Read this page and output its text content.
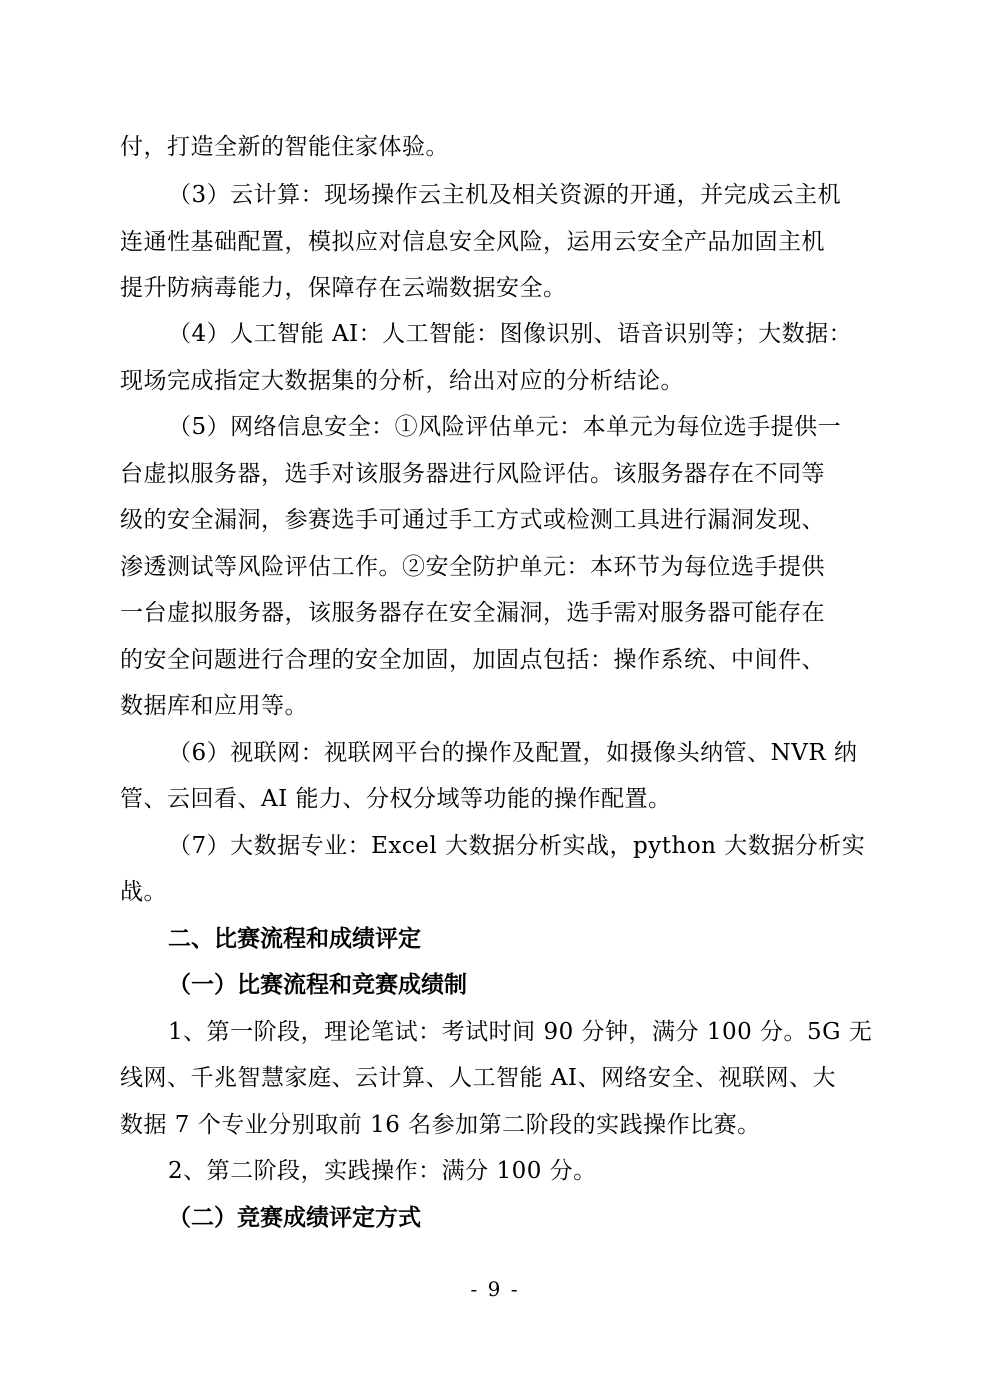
付，打造全新的智能住家体验。
（3）云计算：现场操作云主机及相关资源的开通，并完成云主机
连通性基础配置，模拟应对信息安全风险，运用云安全产品加固主机
提升防病毒能力，保障存在云端数据安全。
（4）人工智能 AI：人工智能：图像识别、语音识别等；大数据：
现场完成指定大数据集的分析，给出对应的分析结论。
（5）网络信息安全：①风险评估单元：本单元为每位选手提供一
台虚拟服务器，选手对该服务器进行风险评估。该服务器存在不同等
级的安全漏洞，参赛选手可通过手工方式或检测工具进行漏洞发现、
渗透测试等风险评估工作。②安全防护单元：本环节为每位选手提供
一台虚拟服务器，该服务器存在安全漏洞，选手需对服务器可能存在
的安全问题进行合理的安全加固，加固点包括：操作系统、中间件、
数据库和应用等。
（6）视联网：视联网平台的操作及配置，如摄像头纳管、NVR 纳
管、云回看、AI 能力、分权分域等功能的操作配置。
（7）大数据专业：Excel 大数据分析实战，python 大数据分析实
战。
二、比赛流程和成绩评定
（一）比赛流程和竞赛成绩制
1、第一阶段，理论笔试：考试时间 90 分钟，满分 100 分。5G 无
线网、千兆智慧家庭、云计算、人工智能 AI、网络安全、视联网、大
数据 7 个专业分别取前 16 名参加第二阶段的实践操作比赛。
2、第二阶段，实践操作：满分 100 分。
（二）竞赛成绩评定方式
- 9 -
